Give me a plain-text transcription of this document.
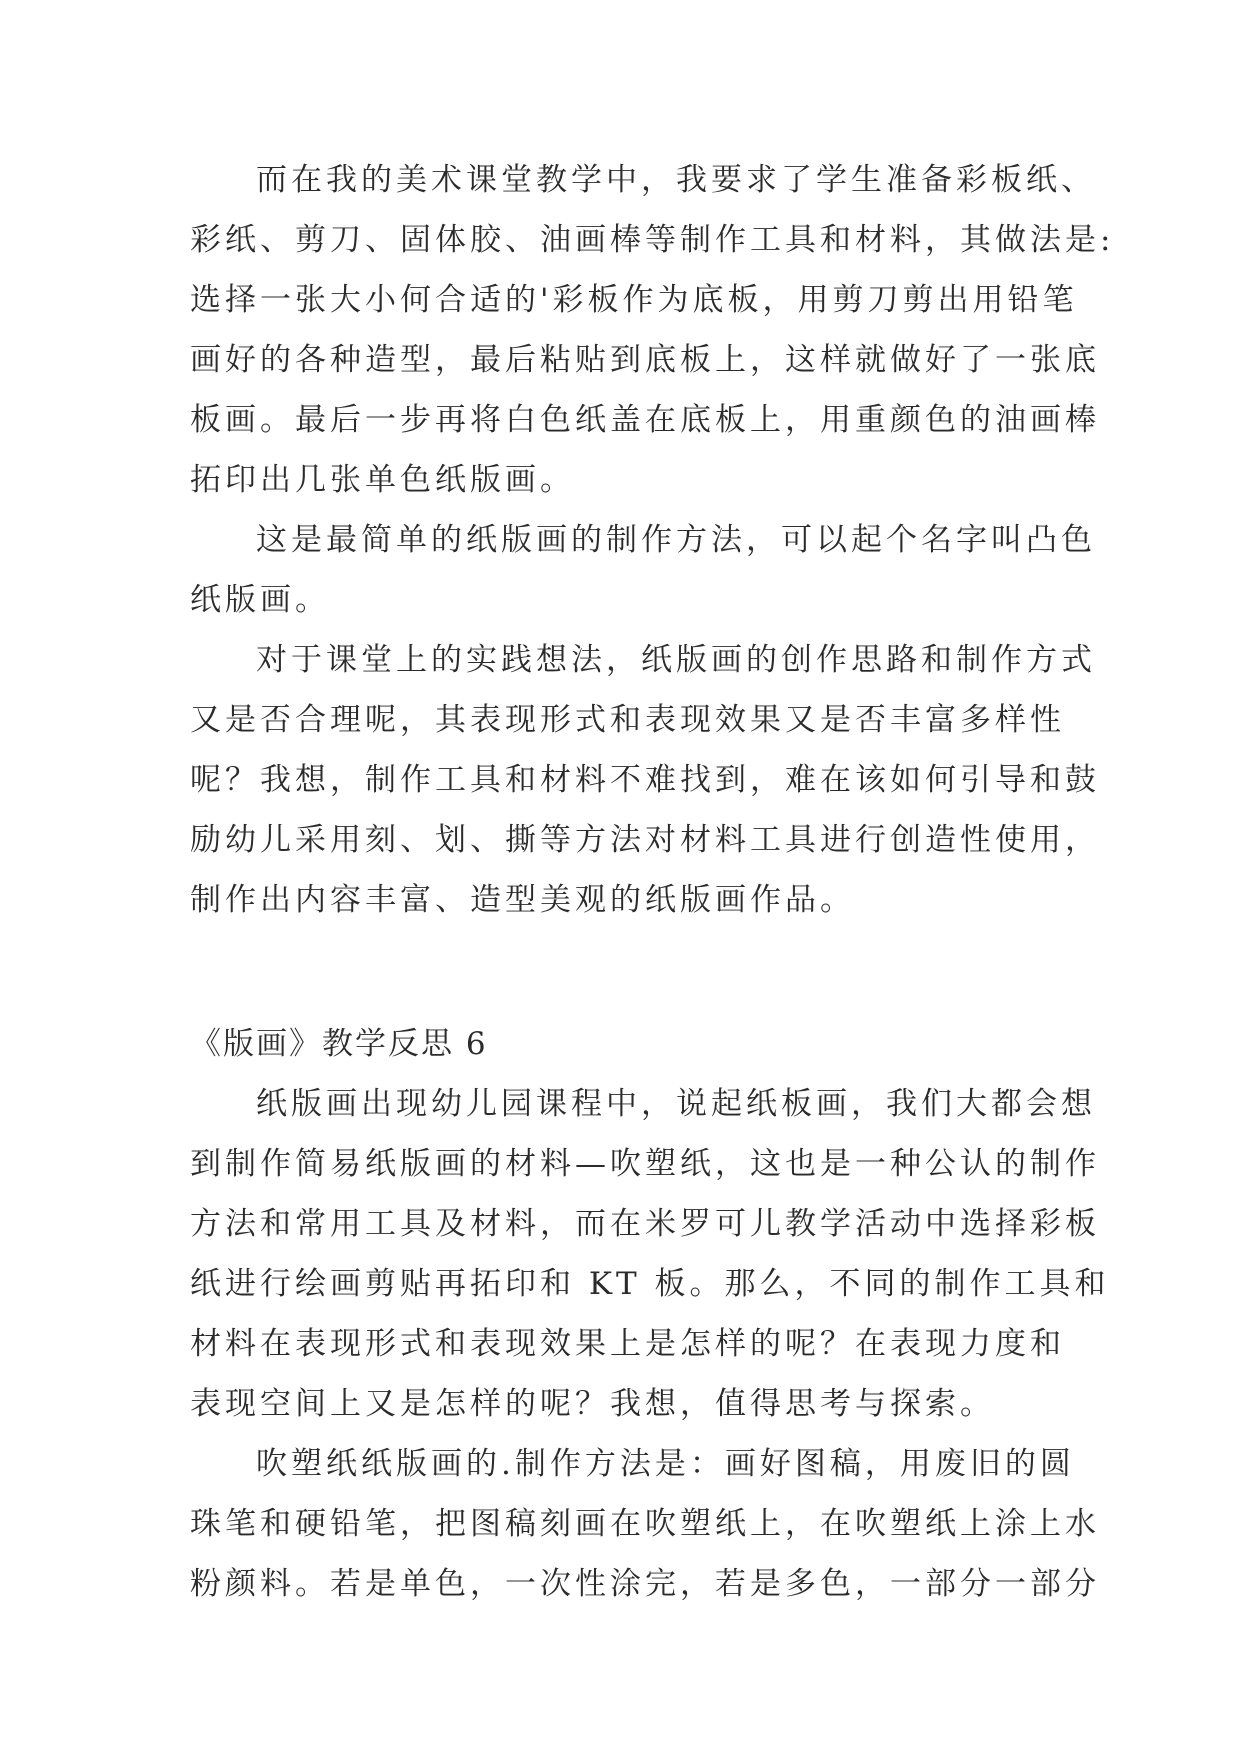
而在我的美术课堂教学中，我要求了学生准备彩板纸、
彩纸、剪刀、固体胶、油画棒等制作工具和材料，其做法是:
选择一张大小何合适的'彩板作为底板，用剪刀剪出用铅笔
画好的各种造型，最后粘贴到底板上，这样就做好了一张底
板画。最后一步再将白色纸盖在底板上，用重颜色的油画棒
拓印出几张单色纸版画。
这是最简单的纸版画的制作方法，可以起个名字叫凸色
纸版画。
对于课堂上的实践想法，纸版画的创作思路和制作方式
又是否合理呢，其表现形式和表现效果又是否丰富多样性
呢？我想，制作工具和材料不难找到，难在该如何引导和鼓
励幼儿采用刻、划、撕等方法对材料工具进行创造性使用，
制作出内容丰富、造型美观的纸版画作品。
《版画》教学反思 6
纸版画出现幼儿园课程中，说起纸板画，我们大都会想
到制作简易纸版画的材料—吹塑纸，这也是一种公认的制作
方法和常用工具及材料，而在米罗可儿教学活动中选择彩板
纸进行绘画剪贴再拓印和 KT 板。那么，不同的制作工具和
材料在表现形式和表现效果上是怎样的呢？在表现力度和
表现空间上又是怎样的呢？我想，值得思考与探索。
吹塑纸纸版画的.制作方法是：画好图稿，用废旧的圆
珠笔和硬铅笔，把图稿刻画在吹塑纸上，在吹塑纸上涂上水
粉颜料。若是单色，一次性涂完，若是多色，一部分一部分
